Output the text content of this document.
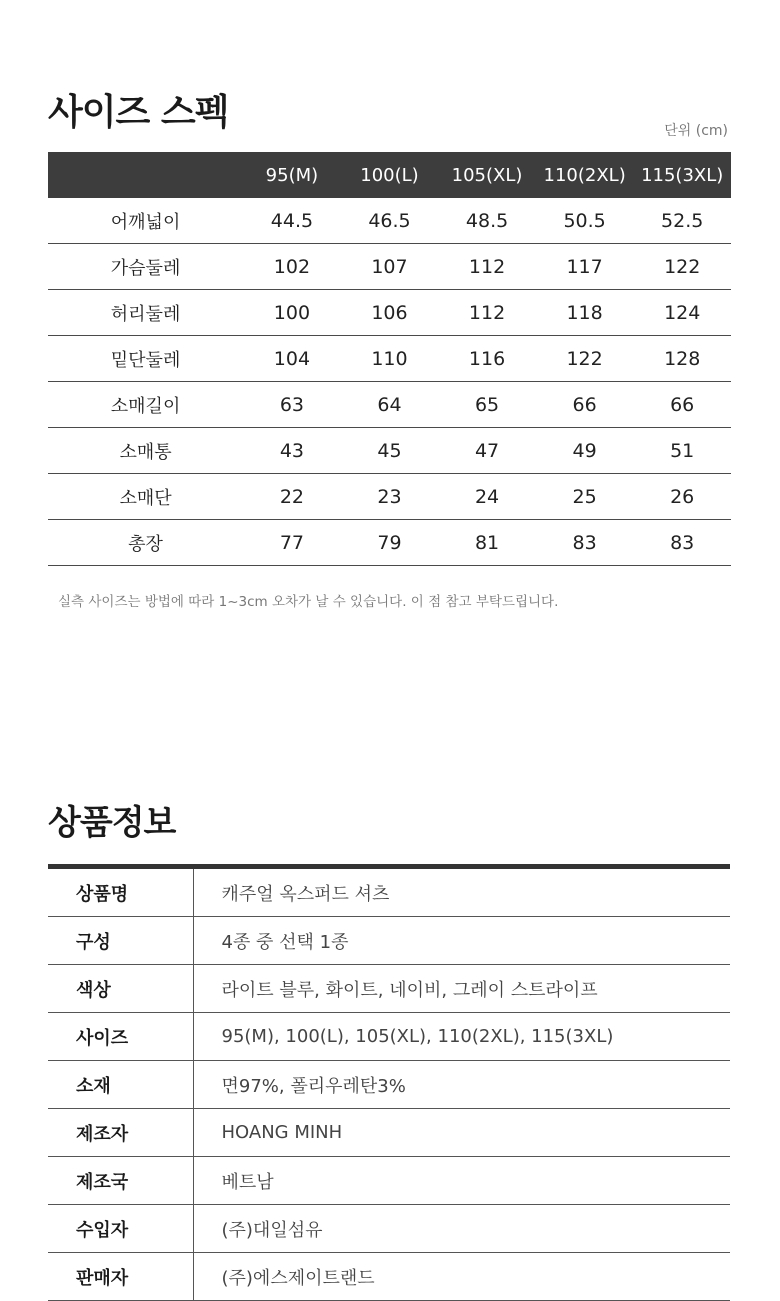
사이즈 스펙	단위 (cm)
	95(M)	100(L)	105(XL)	110(2XL)	115(3XL)
어깨넓이	44.5	46.5	48.5	50.5	52.5
가슴둘레	102	107	112	117	122
허리둘레	100	106	112	118	124
밑단둘레	104	110	116	122	128
소매길이	63	64	65	66	66
소매통	43	45	47	49	51
소매단	22	23	24	25	26
총장	77	79	81	83	83
실측 사이즈는 방법에 따라 1~3cm 오차가 날 수 있습니다. 이 점 참고 부탁드립니다.
상품정보
상품명	캐주얼 옥스퍼드 셔츠
구성	4종 중 선택 1종
색상	라이트 블루, 화이트, 네이비, 그레이 스트라이프
사이즈	95(M), 100(L), 105(XL), 110(2XL), 115(3XL)
소재	면97%, 폴리우레탄3%
제조자	HOANG MINH
제조국	베트남
수입자	(주)대일섬유
판매자	(주)에스제이트랜드
